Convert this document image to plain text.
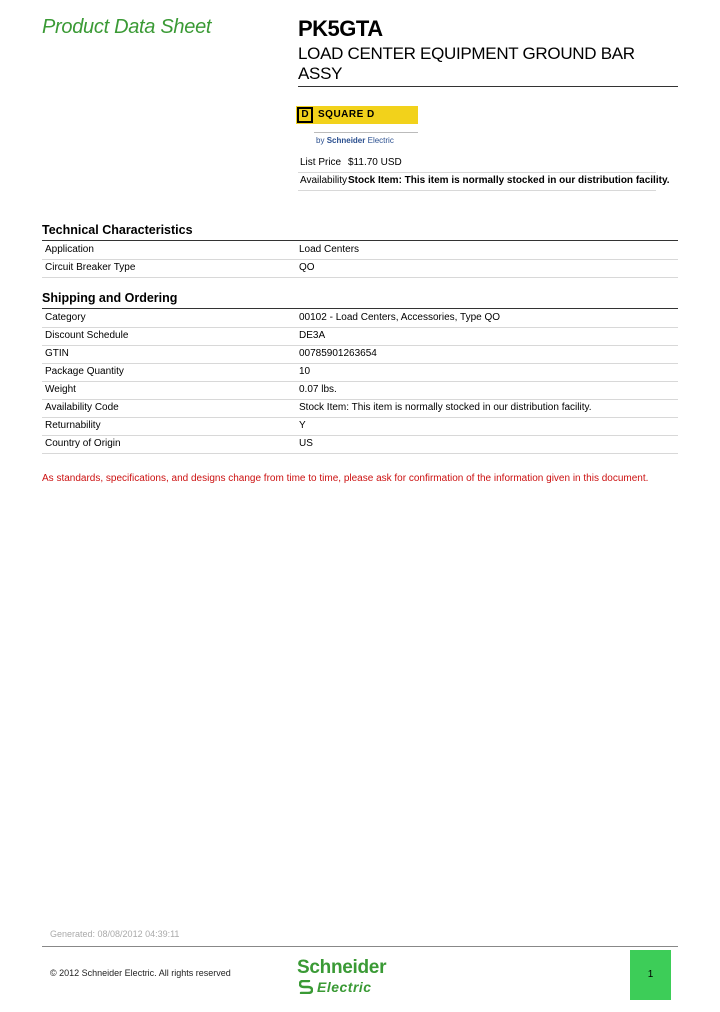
Product Data Sheet	PK5GTA
LOAD CENTER EQUIPMENT GROUND BAR ASSY
D SQUARE D
by Schneider Electric
List Price $11.70 USD
Availability Stock Item: This item is normally stocked in our distribution facility.
Technical Characteristics
Application	Load Centers
Circuit Breaker Type	QO
Shipping and Ordering
Category	00102 - Load Centers, Accessories, Type QO
Discount Schedule	DE3A
GTIN	00785901263654
Package Quantity	10
Weight	0.07 lbs.
Availability Code	Stock Item: This item is normally stocked in our distribution facility.
Returnability	Y
Country of Origin	US
As standards, specifications, and designs change from time to time, please ask for confirmation of the information given in this document.
Generated: 08/08/2012 04:39:11
© 2012 Schneider Electric. All rights reserved	Schneider
Electric
1
